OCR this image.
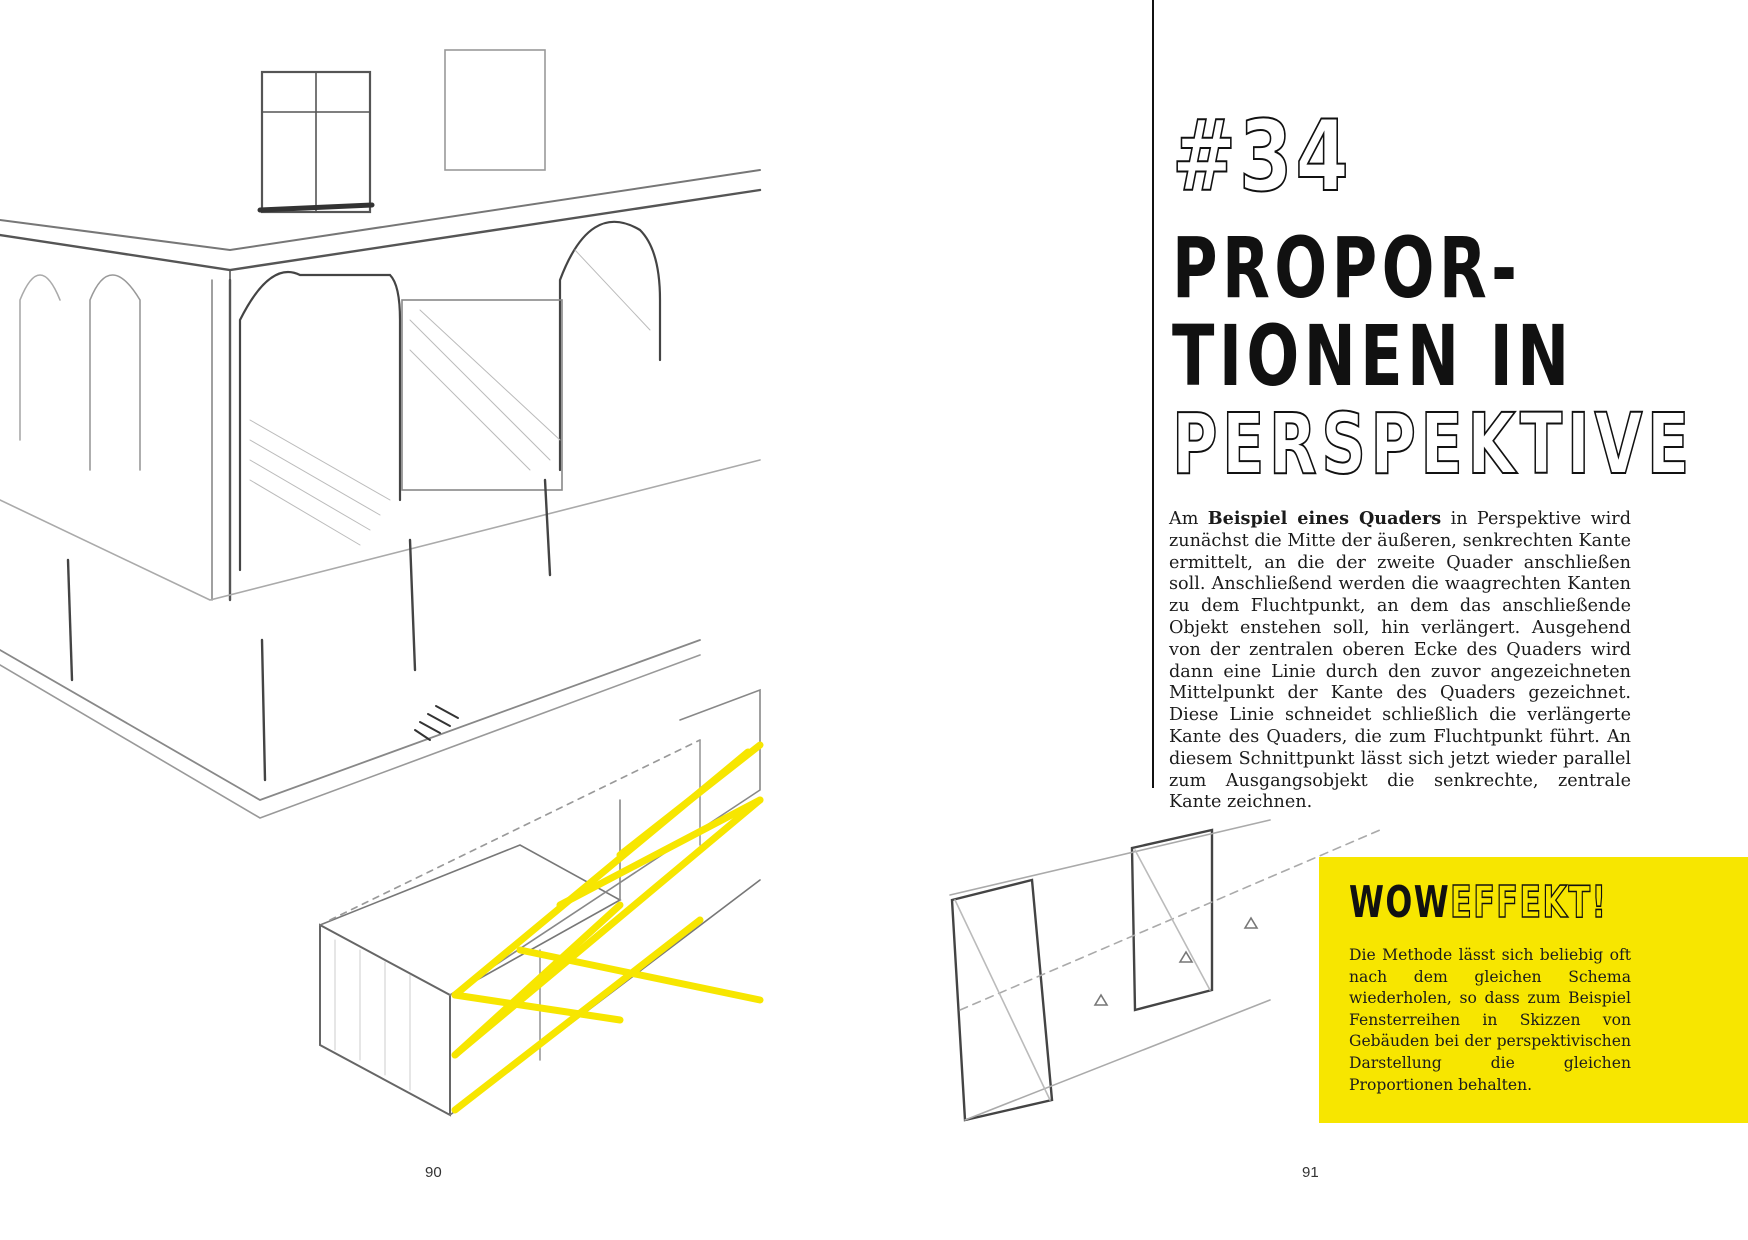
#34
PROPOR-
TIONEN IN
PERSPEKTIVE
Am Beispiel eines Quaders in Perspektive wird zunächst die Mitte der äußeren, senkrechten Kante ermittelt, an die der zweite Quader anschließen soll. Anschließend werden die waagrechten Kanten zu dem Fluchtpunkt, an dem das anschließende Objekt enstehen soll, hin verlängert. Ausgehend von der zentralen oberen Ecke des Quaders wird dann eine Linie durch den zuvor angezeichneten Mittelpunkt der Kante des Quaders gezeichnet. Diese Linie schneidet schließlich die verlängerte Kante des Quaders, die zum Fluchtpunkt führt. An diesem Schnittpunkt lässt sich jetzt wieder parallel zum Ausgangsobjekt die senkrechte, zentrale Kante zeichnen.
WOWEFFEKT!
Die Methode lässt sich beliebig oft nach dem gleichen Schema wiederholen, so dass zum Beispiel Fensterreihen in Skizzen von Gebäuden bei der perspektivischen Darstellung die gleichen Proportionen behalten.
90	91
